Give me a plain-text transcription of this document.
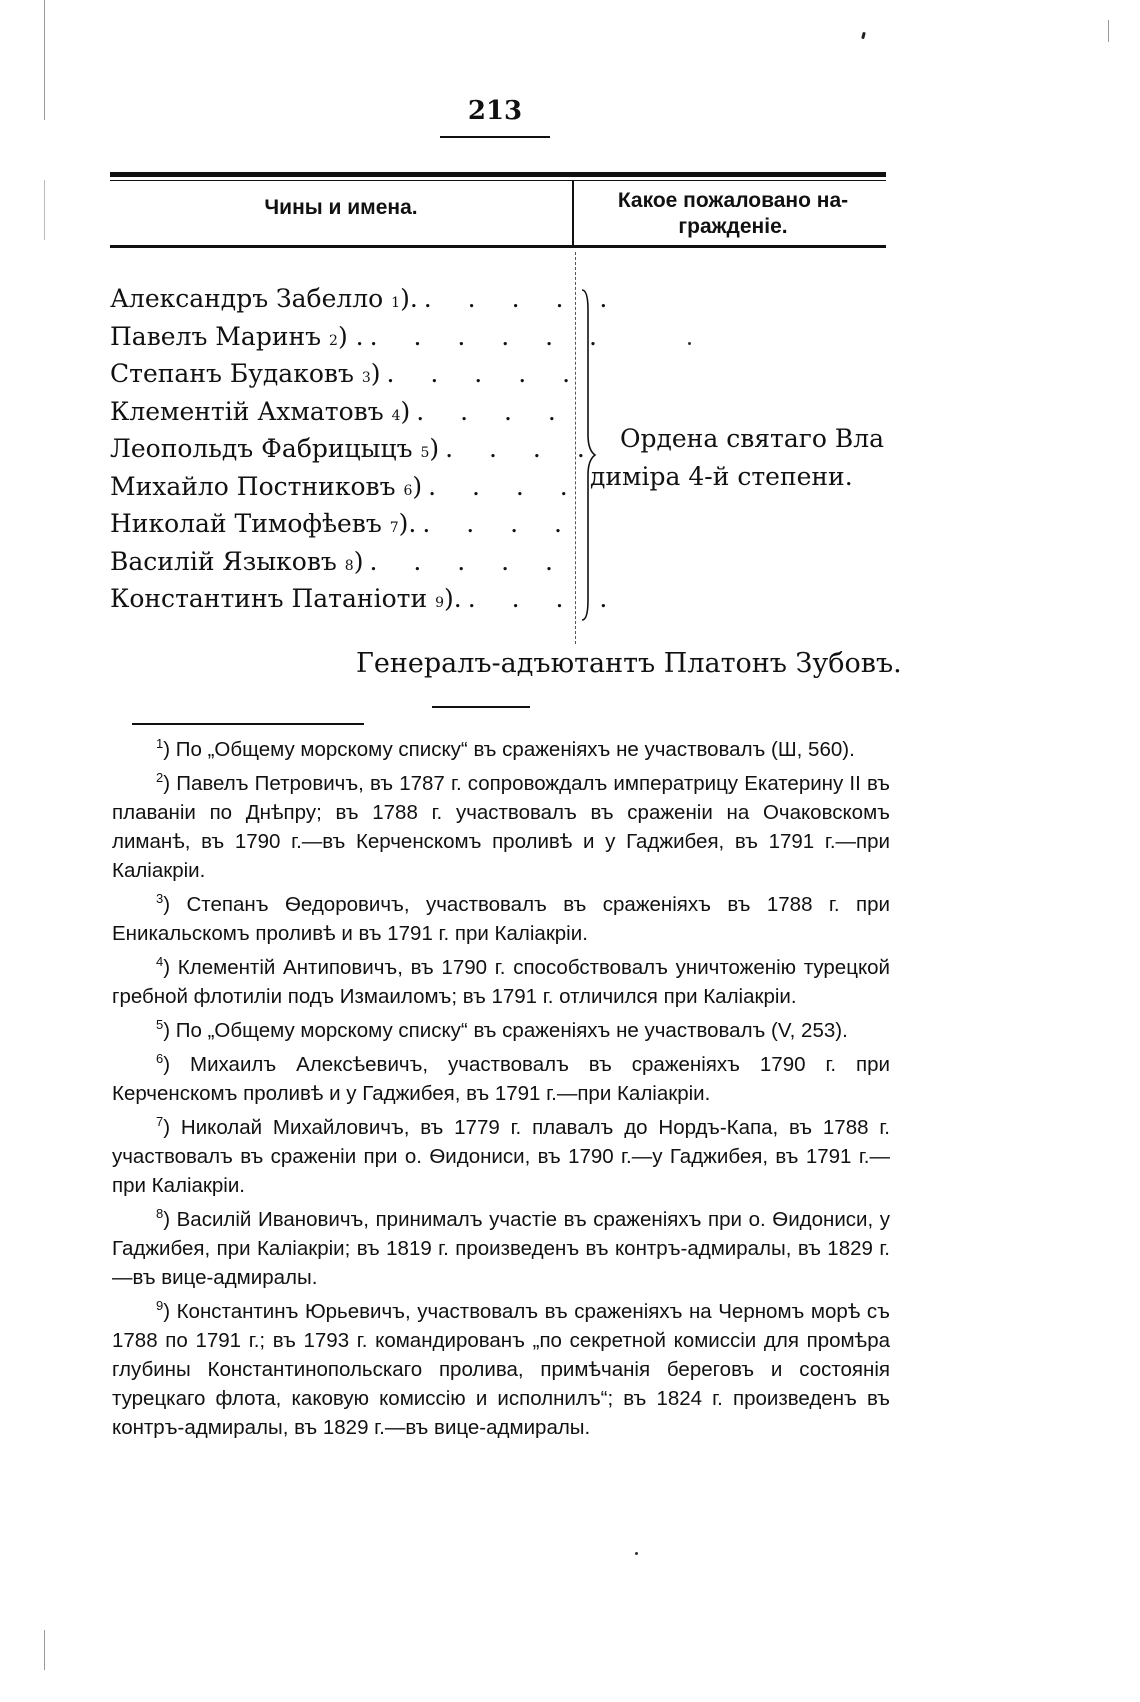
213
Чины и имена.	Какое пожаловано на-
гражденіе.
Александръ Забелло
1 ). . . . . .
Павелъ Маринъ
2 ) . . . . . . .
Степанъ Будаковъ
3 ) . . . . .
Клементій Ахматовъ
4 ) . . . .
Леопольдъ Фабрицыцъ
5 ) . . . .
Михайло Постниковъ
6 ) . . . .
Николай Тимофѣевъ
7 ). . . . .
Василій Языковъ
8 ) . . . . .
Константинъ Патаніоти
9 ). . . . .
Ордена святаго Вла
диміра 4-й степени.
Генералъ-адъютантъ Платонъ Зубовъ.

$^1$) По „Общему морскому списку“ въ сраженіяхъ не участвовалъ (Ш, 560).

$^2$) Павелъ Петровичъ, въ 1787 г. сопровождалъ императрицу Екатерину II въ плаваніи по Днѣпру; въ 1788 г. участвовалъ въ сраженіи на Очаковскомъ лиманѣ, въ 1790 г.—въ Керченскомъ проливѣ и у Гаджибея, въ 1791 г.—при Каліакріи.

$^3$) Степанъ Ѳедоровичъ, участвовалъ въ сраженіяхъ въ 1788 г. при Еникальскомъ проливѣ и въ 1791 г. при Каліакріи.

$^4$) Клементій Антиповичъ, въ 1790 г. способствовалъ уничтоженію турецкой гребной флотиліи подъ Измаиломъ; въ 1791 г. отличился при Каліакріи.

$^5$) По „Общему морскому списку“ въ сраженіяхъ не участвовалъ (V, 253).

$^6$) Михаилъ Алексѣевичъ, участвовалъ въ сраженіяхъ 1790 г. при Керченскомъ проливѣ и у Гаджибея, въ 1791 г.—при Каліакріи.

$^7$) Николай Михайловичъ, въ 1779 г. плавалъ до Нордъ-Капа, въ 1788 г. участвовалъ въ сраженіи при о. Ѳидониси, въ 1790 г.—у Гаджибея, въ 1791 г.—при Каліакріи.

$^8$) Василій Ивановичъ, принималъ участіе въ сраженіяхъ при о. Ѳидониси, у Гаджибея, при Каліакріи; въ 1819 г. произведенъ въ контръ-адмиралы, въ 1829 г.—въ вице-адмиралы.

$^9$) Константинъ Юрьевичъ, участвовалъ въ сраженіяхъ на Черномъ морѣ съ 1788 по 1791 г.; въ 1793 г. командированъ „по секретной комиссіи для промѣра глубины Константинопольскаго пролива, примѣчанія береговъ и состоянія турецкаго флота, каковую комиссію и исполнилъ“; въ 1824 г. произведенъ въ контръ-адмиралы, въ 1829 г.—въ вице-адмиралы.
